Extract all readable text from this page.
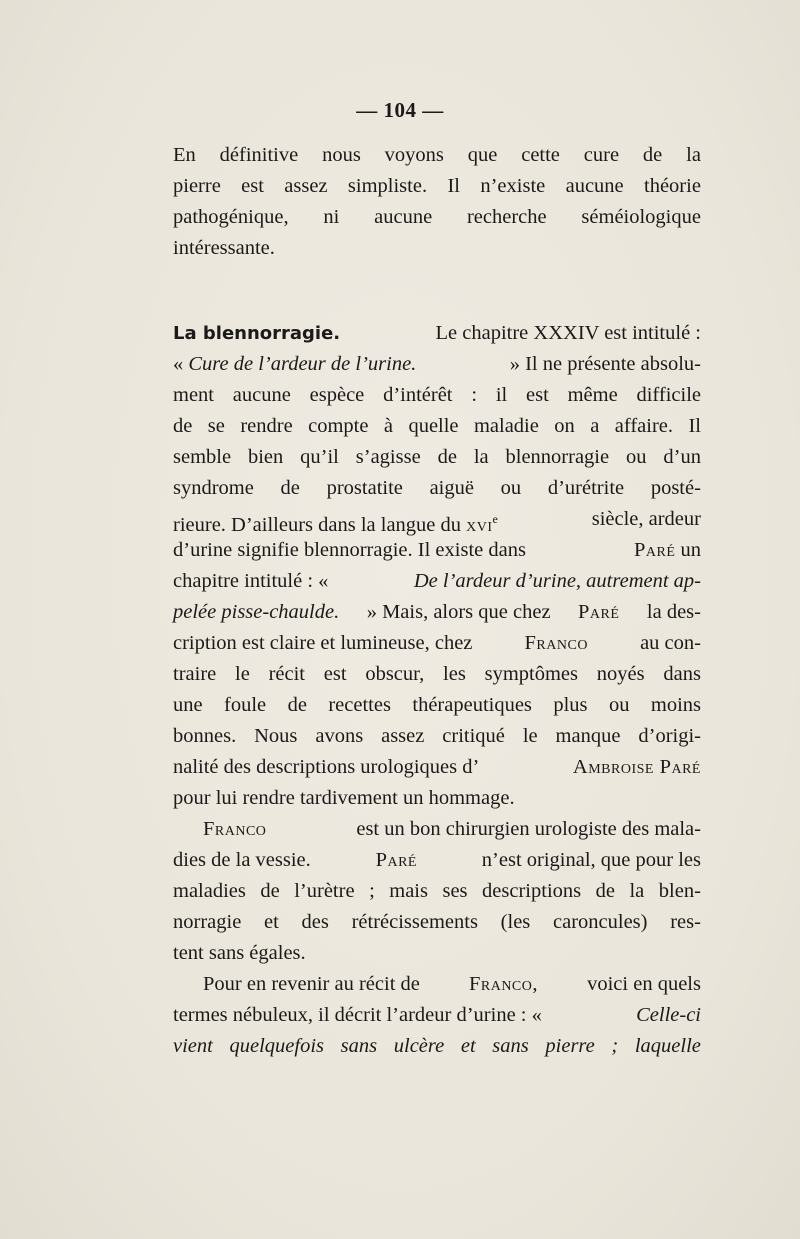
— 104 —
En définitive nous voyons que cette cure de la
pierre est assez simpliste. Il n’existe aucune théorie
pathogénique, ni aucune recherche séméiologique
intéressante.
La blennorragie.	Le chapitre XXXIV est intitulé :
« Cure de l’ardeur de l’urine.	» Il ne présente absolu-
ment aucune espèce d’intérêt : il est même difficile
de se rendre compte à quelle maladie on a affaire. Il
semble bien qu’il s’agisse de la blennorragie ou d’un
syndrome de prostatite aiguë ou d’urétrite posté-
rieure. D’ailleurs dans la langue du xvi$^e$	siècle, ardeur
d’urine signifie blennorragie. Il existe dans	Paré un
chapitre intitulé : «	De l’ardeur d’urine, autrement ap-
pelée pisse-chaulde. » Mais, alors que chez Paré la des-
cription est claire et lumineuse, chez	Franco	au con-
traire le récit est obscur, les symptômes noyés dans
une foule de recettes thérapeutiques plus ou moins
bonnes. Nous avons assez critiqué le manque d’origi-
nalité des descriptions urologiques d’	Ambroise Paré
pour lui rendre tardivement un hommage.
Franco	est un bon chirurgien urologiste des mala-
dies de la vessie.	Paré	n’est original, que pour les
maladies de l’urètre ; mais ses descriptions de la blen-
norragie et des rétrécissements (les caroncules) res-
tent sans égales.
Pour en revenir au récit de Franco, voici en quels
termes nébuleux, il décrit l’ardeur d’urine : «	Celle-ci
vient quelquefois sans ulcère et sans pierre ; laquelle
